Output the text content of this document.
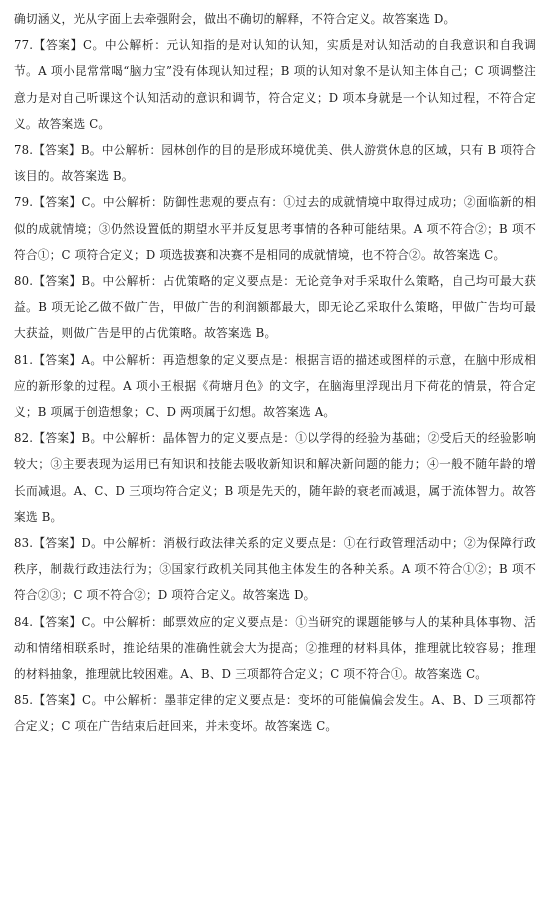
确切涵义，光从字面上去牵强附会，做出不确切的解释，不符合定义。故答案选 D。

77.【答案】C。中公解析：元认知指的是对认知的认知，实质是对认知活动的自我意识和自我调节。A 项小昆常常喝“脑力宝”没有体现认知过程；B 项的认知对象不是认知主体自己；C 项调整注意力是对自己听课这个认知活动的意识和调节，符合定义；D 项本身就是一个认知过程，不符合定义。故答案选 C。

78.【答案】B。中公解析：园林创作的目的是形成环境优美、供人游赏休息的区域，只有 B 项符合该目的。故答案选 B。

79.【答案】C。中公解析：防御性悲观的要点有：①过去的成就情境中取得过成功；②面临新的相似的成就情境；③仍然设置低的期望水平并反复思考事情的各种可能结果。A 项不符合②；B 项不符合①；C 项符合定义；D 项选拔赛和决赛不是相同的成就情境，也不符合②。故答案选 C。

80.【答案】B。中公解析：占优策略的定义要点是：无论竞争对手采取什么策略，自己均可最大获益。B 项无论乙做不做广告，甲做广告的利润额都最大，即无论乙采取什么策略，甲做广告均可最大获益，则做广告是甲的占优策略。故答案选 B。

81.【答案】A。中公解析：再造想象的定义要点是：根据言语的描述或图样的示意，在脑中形成相应的新形象的过程。A 项小王根据《荷塘月色》的文字，在脑海里浮现出月下荷花的情景，符合定义；B 项属于创造想象；C、D 两项属于幻想。故答案选 A。

82.【答案】B。中公解析：晶体智力的定义要点是：①以学得的经验为基础；②受后天的经验影响较大；③主要表现为运用已有知识和技能去吸收新知识和解决新问题的能力；④一般不随年龄的增长而减退。A、C、D 三项均符合定义；B 项是先天的，随年龄的衰老而减退，属于流体智力。故答案选 B。

83.【答案】D。中公解析：消极行政法律关系的定义要点是：①在行政管理活动中；②为保障行政秩序，制裁行政违法行为；③国家行政机关同其他主体发生的各种关系。A 项不符合①②；B 项不符合②③；C 项不符合②；D 项符合定义。故答案选 D。

84.【答案】C。中公解析：邮票效应的定义要点是：①当研究的课题能够与人的某种具体事物、活动和情绪相联系时，推论结果的准确性就会大为提高；②推理的材料具体，推理就比较容易；推理的材料抽象，推理就比较困难。A、B、D 三项都符合定义；C 项不符合①。故答案选 C。

85.【答案】C。中公解析：墨菲定律的定义要点是：变坏的可能偏偏会发生。A、B、D 三项都符合定义；C 项在广告结束后赶回来，并未变坏。故答案选 C。
